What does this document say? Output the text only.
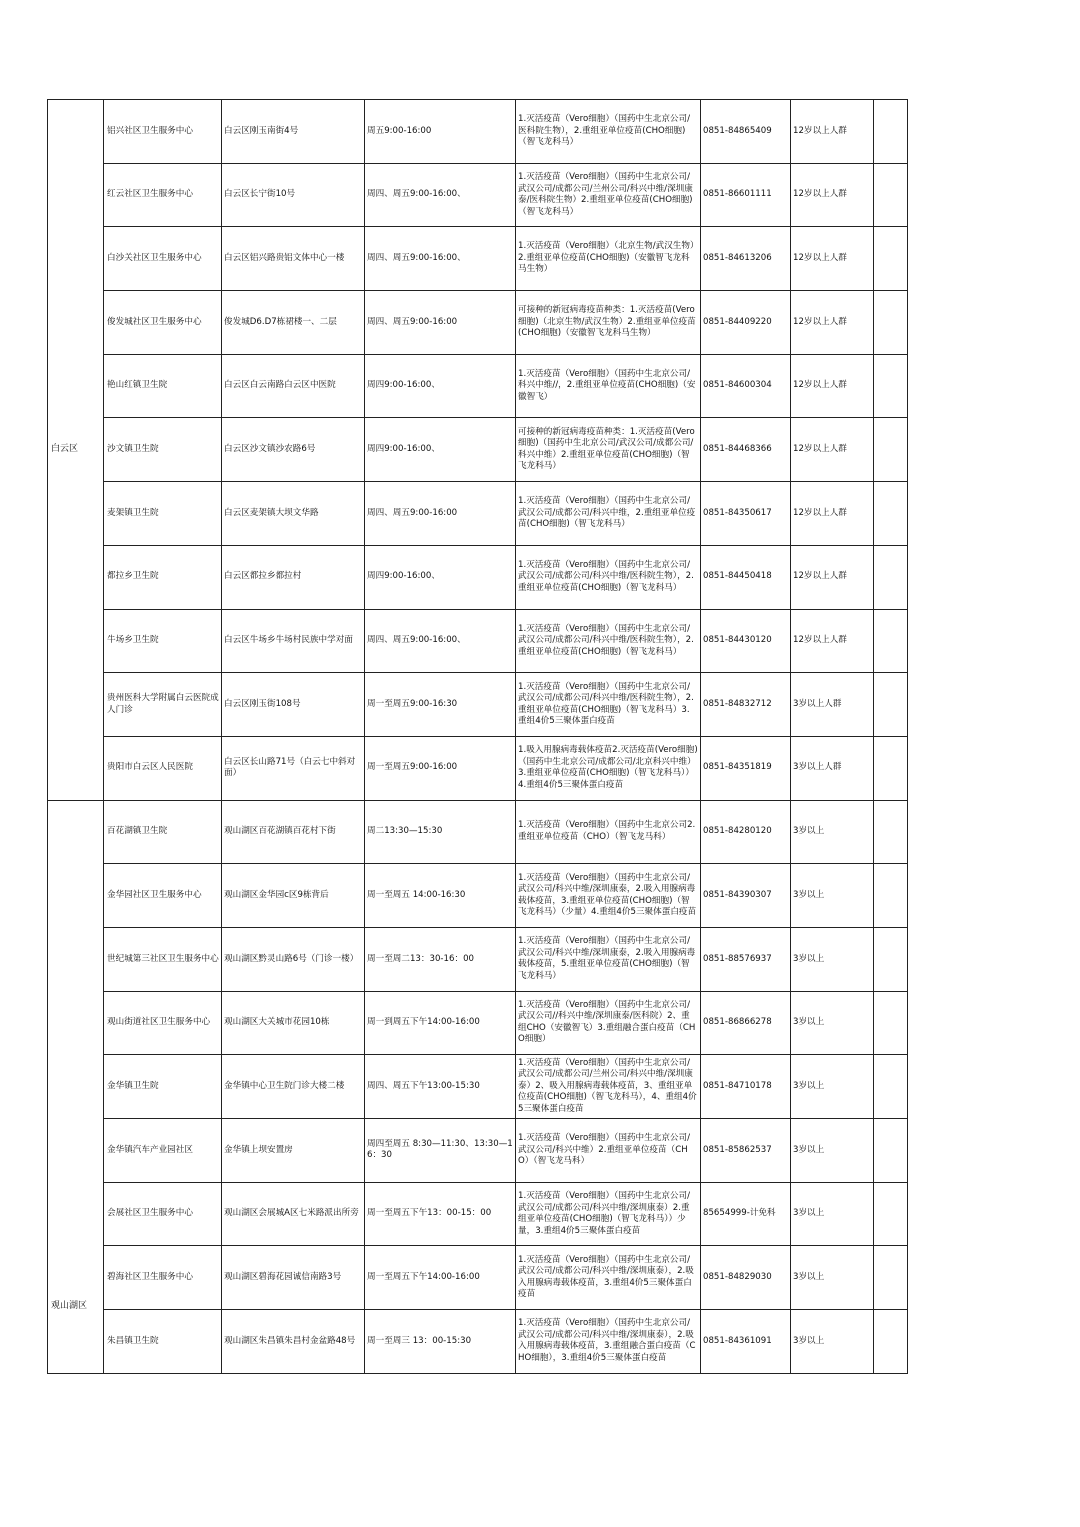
白云区	铝兴社区卫生服务中心	白云区刚玉南街4号	周五9:00-16:00	1.灭活疫苗（Vero细胞）（国药中生北京公司/医科院生物），2.重组亚单位疫苗(CHO细胞)（智飞龙科马）	0851-84865409	12岁以上人群	
	红云社区卫生服务中心	白云区长宁街10号	周四、周五9:00-16:00、	1.灭活疫苗（Vero细胞）（国药中生北京公司/武汉公司/成都公司/兰州公司/科兴中维/深圳康泰/医科院生物）2.重组亚单位疫苗(CHO细胞)（智飞龙科马）	0851-86601111	12岁以上人群	
	白沙关社区卫生服务中心	白云区铝兴路贵铝文体中心一楼	周四、周五9:00-16:00、	1.灭活疫苗（Vero细胞）（北京生物/武汉生物）2.重组亚单位疫苗(CHO细胞)（安徽智飞龙科马生物）	0851-84613206	12岁以上人群	
	俊发城社区卫生服务中心	俊发城D6.D7栋裙楼一、二层	周四、周五9:00-16:00	可接种的新冠病毒疫苗种类：1.灭活疫苗(Vero细胞)（北京生物/武汉生物）2.重组亚单位疫苗(CHO细胞)（安徽智飞龙科马生物）	0851-84409220	12岁以上人群	
	艳山红镇卫生院	白云区白云南路白云区中医院	周四9:00-16:00、	1.灭活疫苗（Vero细胞）（国药中生北京公司/科兴中维//，2.重组亚单位疫苗(CHO细胞)（安徽智飞）	0851-84600304	12岁以上人群	
	沙文镇卫生院	白云区沙文镇沙农路6号	周四9:00-16:00、	可接种的新冠病毒疫苗种类：1.灭活疫苗(Vero细胞)（国药中生北京公司/武汉公司/成都公司/科兴中维）2.重组亚单位疫苗(CHO细胞)（智飞龙科马）	0851-84468366	12岁以上人群	
	麦架镇卫生院	白云区麦架镇大坝文华路	周四、周五9:00-16:00	1.灭活疫苗（Vero细胞）（国药中生北京公司/武汉公司/成都公司/科兴中维，2.重组亚单位疫苗(CHO细胞)（智飞龙科马）	0851-84350617	12岁以上人群	
	都拉乡卫生院	白云区都拉乡都拉村	周四9:00-16:00、	1.灭活疫苗（Vero细胞）（国药中生北京公司/武汉公司/成都公司/科兴中维/医科院生物），2.重组亚单位疫苗(CHO细胞)（智飞龙科马）	0851-84450418	12岁以上人群	
	牛场乡卫生院	白云区牛场乡牛场村民族中学对面	周四、周五9:00-16:00、	1.灭活疫苗（Vero细胞）（国药中生北京公司/武汉公司/成都公司/科兴中维/医科院生物），2.重组亚单位疫苗(CHO细胞)（智飞龙科马）	0851-84430120	12岁以上人群	
	贵州医科大学附属白云医院成人门诊	白云区刚玉街108号	周一至周五9:00-16:30	1.灭活疫苗（Vero细胞）（国药中生北京公司/武汉公司/成都公司/科兴中维/医科院生物），2.重组亚单位疫苗(CHO细胞)（智飞龙科马）3.重组4价5三聚体蛋白疫苗	0851-84832712	3岁以上人群	
	贵阳市白云区人民医院	白云区长山路71号（白云七中斜对面）	周一至周五9:00-16:00	1.吸入用腺病毒载体疫苗2.灭活疫苗(Vero细胞)（国药中生北京公司/成都公司/北京科兴中维）3.重组亚单位疫苗(CHO细胞)（智飞龙科马））4.重组4价5三聚体蛋白疫苗	0851-84351819	3岁以上人群	
观山湖区	百花湖镇卫生院	观山湖区百花湖镇百花村下街	周二13:30—15:30	1.灭活疫苗（Vero细胞）（国药中生北京公司2.重组亚单位疫苗（CHO）（智飞龙马科）	0851-84280120	3岁以上	
	金华园社区卫生服务中心	观山湖区金华园c区9栋背后	周一至周五 14:00-16:30	1.灭活疫苗（Vero细胞）（国药中生北京公司/武汉公司/科兴中维/深圳康泰，2.吸入用腺病毒载体疫苗，3.重组亚单位疫苗(CHO细胞)（智飞龙科马）（少量）4.重组4价5三聚体蛋白疫苗	0851-84390307	3岁以上	
	世纪城第三社区卫生服务中心	观山湖区黔灵山路6号（门诊一楼）	周一至周二13：30-16：00	1.灭活疫苗（Vero细胞）（国药中生北京公司/武汉公司/科兴中维/深圳康泰，2.吸入用腺病毒载体疫苗，5.重组亚单位疫苗(CHO细胞)（智飞龙科马）	0851-88576937	3岁以上	
	观山街道社区卫生服务中心	观山湖区大关城市花园10栋	周一到周五下午14:00-16:00	1.灭活疫苗（Vero细胞）（国药中生北京公司/武汉公司//科兴中维/深圳康泰/医科院）2、重组CHO（安徽智飞）3.重组融合蛋白疫苗（CHO细胞）	0851-86866278	3岁以上	
	金华镇卫生院	金华镇中心卫生院门诊大楼二楼	周四、周五下午13:00-15:30	1.灭活疫苗（Vero细胞）（国药中生北京公司/武汉公司/成都公司/兰州公司/科兴中维/深圳康泰）2、吸入用腺病毒载体疫苗，3、重组亚单位疫苗(CHO细胞)（智飞龙科马），4、重组4价5三聚体蛋白疫苗	0851-84710178	3岁以上	
	金华镇汽车产业园社区	金华镇上坝安置房	周四至周五 8:30—11:30、13:30—16：30	1.灭活疫苗（Vero细胞）（国药中生北京公司/武汉公司/科兴中维）2.重组亚单位疫苗（CHO）（智飞龙马科）	0851-85862537	3岁以上	
	会展社区卫生服务中心	观山湖区会展城A区七米路派出所旁	周一至周五下午13：00-15：00	1.灭活疫苗（Vero细胞）（国药中生北京公司/武汉公司/成都公司/科兴中维/深圳康泰）2.重组亚单位疫苗(CHO细胞)（智飞龙科马））少量，3.重组4价5三聚体蛋白疫苗	85654999-计免科	3岁以上	
	碧海社区卫生服务中心	观山湖区碧海花园诚信南路3号	周一至周五下午14:00-16:00	1.灭活疫苗（Vero细胞）（国药中生北京公司/武汉公司/成都公司/科兴中维/深圳康泰），2.吸入用腺病毒载体疫苗，3.重组4价5三聚体蛋白疫苗	0851-84829030	3岁以上	
	朱昌镇卫生院	观山湖区朱昌镇朱昌村金盆路48号	周一至周三 13：00-15:30	1.灭活疫苗（Vero细胞）（国药中生北京公司/武汉公司/成都公司/科兴中维/深圳康泰），2.吸入用腺病毒载体疫苗，3.重组融合蛋白疫苗（CHO细胞），3.重组4价5三聚体蛋白疫苗	0851-84361091	3岁以上	
